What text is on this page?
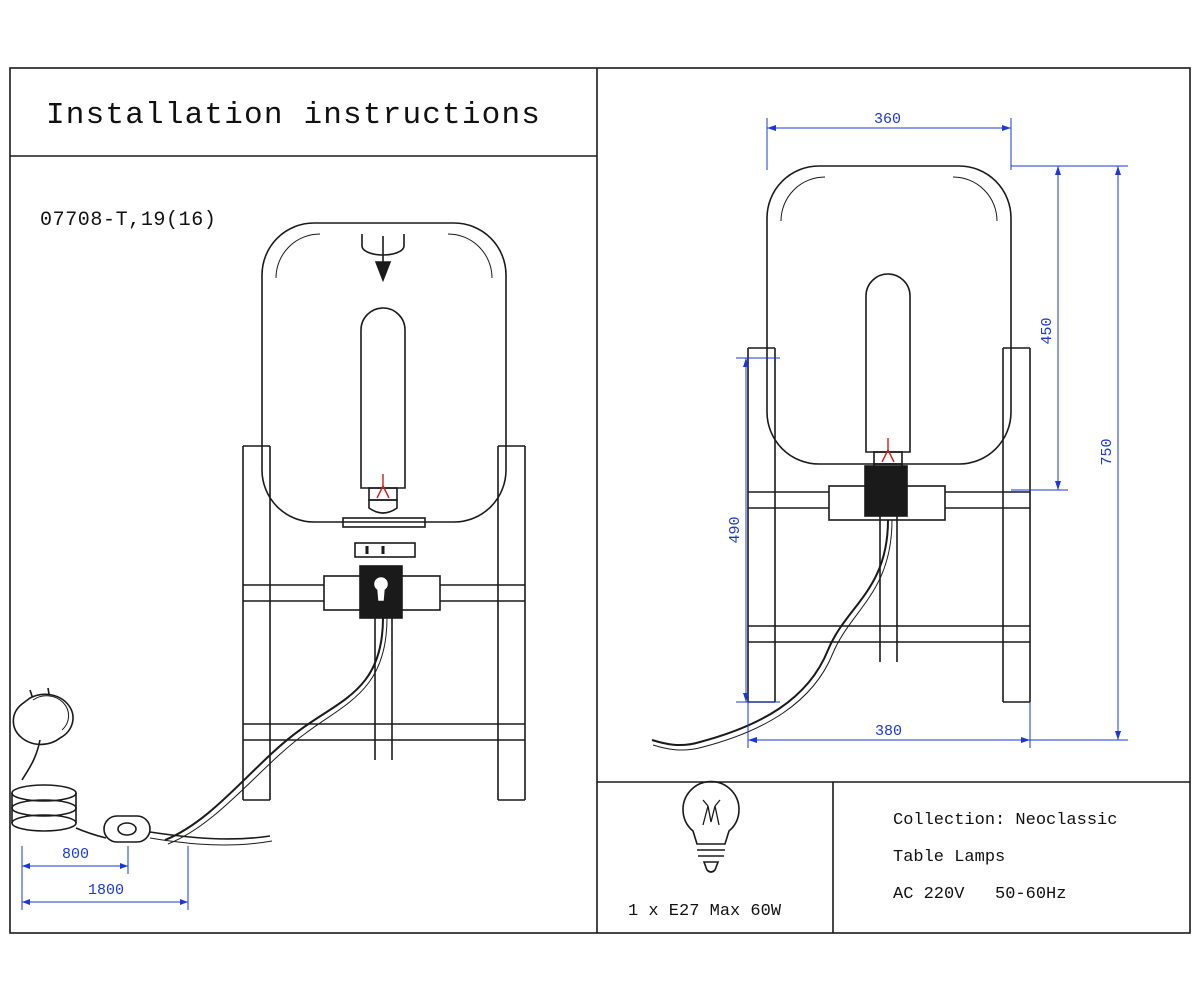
800
1800
360
450
750
490
380
Installation instructions
07708-T,19(16)
1 x E27 Max 60W
Collection: Neoclassic
Table Lamps
AC 220V   50-60Hz
